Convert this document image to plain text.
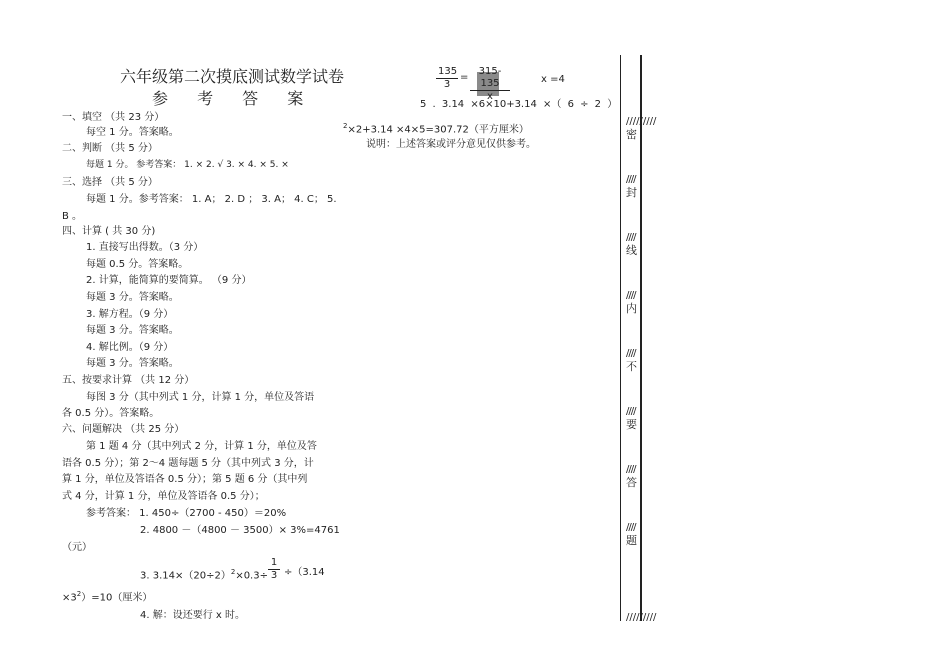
六年级第二次摸底测试数学试卷
参 考 答 案
一、填空 （共 23 分）
每空 1 分。答案略。
二、判断 （共 5 分）
每题 1 分。 参考答案： 1. × 2. √ 3. × 4. × 5. ×
三、选择 （共 5 分）
每题 1 分。参考答案： 1. A； 2. D ； 3. A； 4. C； 5.
B 。
四、计算 ( 共 30 分)
1. 直接写出得数。（3 分）
每题 0.5 分。答案略。
2. 计算，能简算的要简算。 （9 分）
每题 3 分。答案略。
3. 解方程。（9 分）
每题 3 分。答案略。
4. 解比例。（9 分）
每题 3 分。答案略。
五、按要求计算 （共 12 分）
每图 3 分（其中列式 1 分，计算 1 分，单位及答语
各 0.5 分）。答案略。
六、问题解决 （共 25 分）
第 1 题 4 分（其中列式 2 分，计算 1 分，单位及答
语各 0.5 分）；第 2～4 题每题 5 分（其中列式 3 分，计
算 1 分，单位及答语各 0.5 分）；第 5 题 6 分（其中列
式 4 分，计算 1 分，单位及答语各 0.5 分）；
参考答案： 1. 450÷（2700 - 450）＝20%
2. 4800 －（4800 － 3500）× 3%=4761
（元）
3. $3.14\times(20\div 2)^2\times 0.3\div \frac{1}{3} \div(3.14$
$\times 3^2)=10$（厘米）
4. 解：设还要行 x 时。
$\frac{135}{3} = \frac{315-135}{x}$	x =4
5 . 3.14 ×6×10+3.14 ×（ 6 ÷ 2 ）
$^2$×2+3.14 ×4×5=307.72（平方厘米）
说明：上述答案或评分意见仅供参考。
/////////
密
////
封
////
线
////
内
////
不
////
要
////
答
////
题
/////////
